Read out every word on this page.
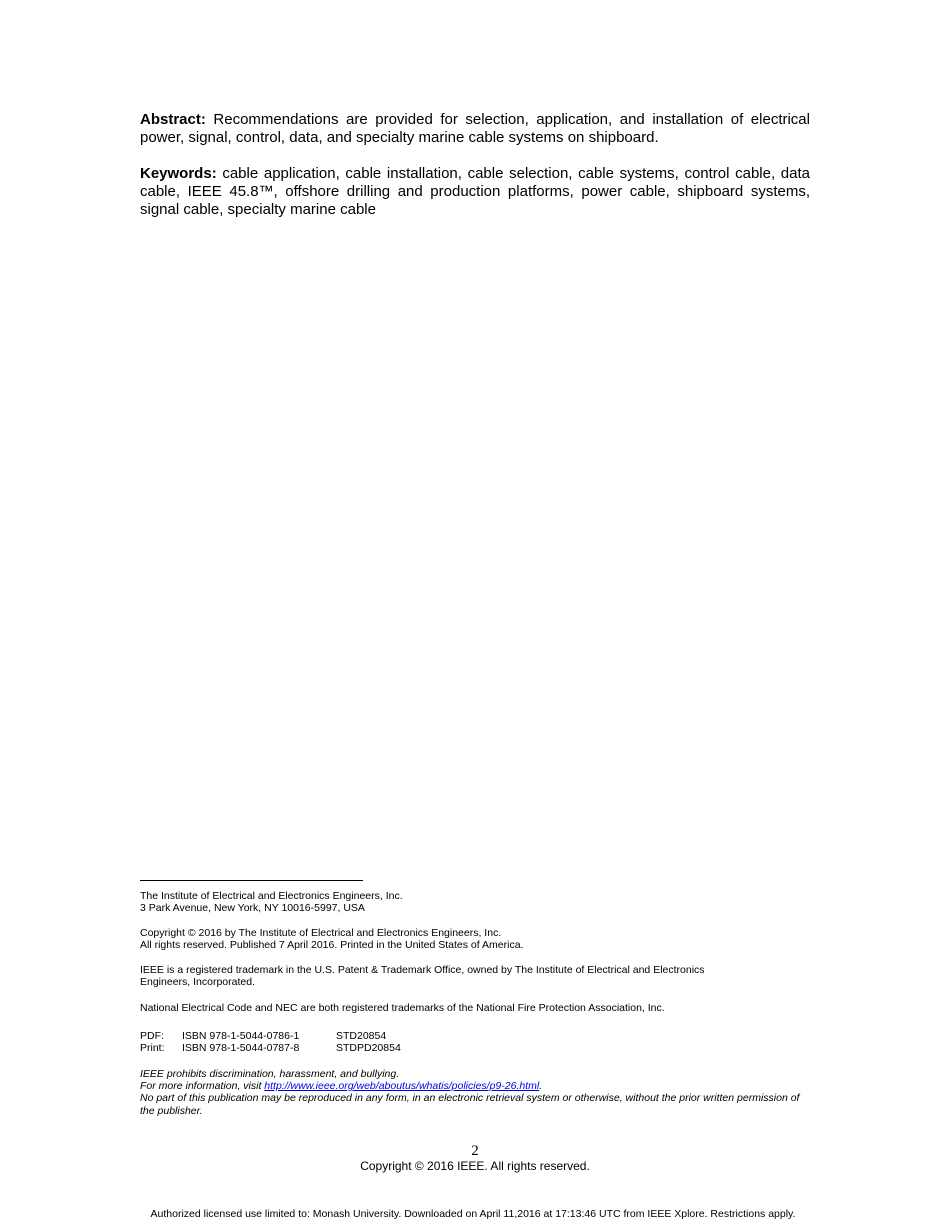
Abstract: Recommendations are provided for selection, application, and installation of electrical power, signal, control, data, and specialty marine cable systems on shipboard.

Keywords: cable application, cable installation, cable selection, cable systems, control cable, data cable, IEEE 45.8™, offshore drilling and production platforms, power cable, shipboard systems, signal cable, specialty marine cable

The Institute of Electrical and Electronics Engineers, Inc.
3 Park Avenue, New York, NY 10016-5997, USA
Copyright © 2016 by The Institute of Electrical and Electronics Engineers, Inc.
All rights reserved. Published 7 April 2016. Printed in the United States of America.
IEEE is a registered trademark in the U.S. Patent & Trademark Office, owned by The Institute of Electrical and Electronics
Engineers, Incorporated.
National Electrical Code and NEC are both registered trademarks of the National Fire Protection Association, Inc.
PDF:	ISBN 978-1-5044-0786-1	STD20854
Print:	ISBN 978-1-5044-0787-8	STDPD20854
IEEE prohibits discrimination, harassment, and bullying.
For more information, visit http://www.ieee.org/web/aboutus/whatis/policies/p9-26.html.
No part of this publication may be reproduced in any form, in an electronic retrieval system or otherwise, without the prior written permission of the publisher.
2
Copyright © 2016 IEEE. All rights reserved.
Authorized licensed use limited to: Monash University. Downloaded on April 11,2016 at 17:13:46 UTC from IEEE Xplore. Restrictions apply.
